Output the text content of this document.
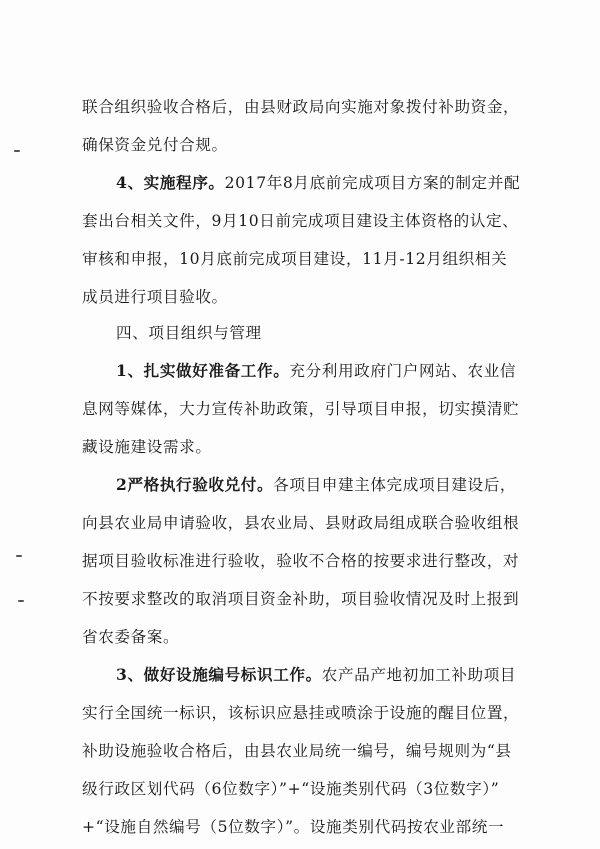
联合组织验收合格后，由县财政局向实施对象拨付补助资金，
确保资金兑付合规。
4、实施程序。2017年8月底前完成项目方案的制定并配
套出台相关文件，9月10日前完成项目建设主体资格的认定、
审核和申报，10月底前完成项目建设，11月-12月组织相关
成员进行项目验收。
四、项目组织与管理
1、扎实做好准备工作。充分利用政府门户网站、农业信
息网等媒体，大力宣传补助政策，引导项目申报，切实摸清贮
藏设施建设需求。
2严格执行验收兑付。各项目申建主体完成项目建设后，
向县农业局申请验收，县农业局、县财政局组成联合验收组根
据项目验收标准进行验收，验收不合格的按要求进行整改，对
不按要求整改的取消项目资金补助，项目验收情况及时上报到
省农委备案。
3、做好设施编号标识工作。农产品产地初加工补助项目
实行全国统一标识，该标识应悬挂或喷涂于设施的醒目位置，
补助设施验收合格后，由县农业局统一编号，编号规则为“县
级行政区划代码（6位数字）”+“设施类别代码（3位数字）”
+“设施自然编号（5位数字）”。设施类别代码按农业部统一
